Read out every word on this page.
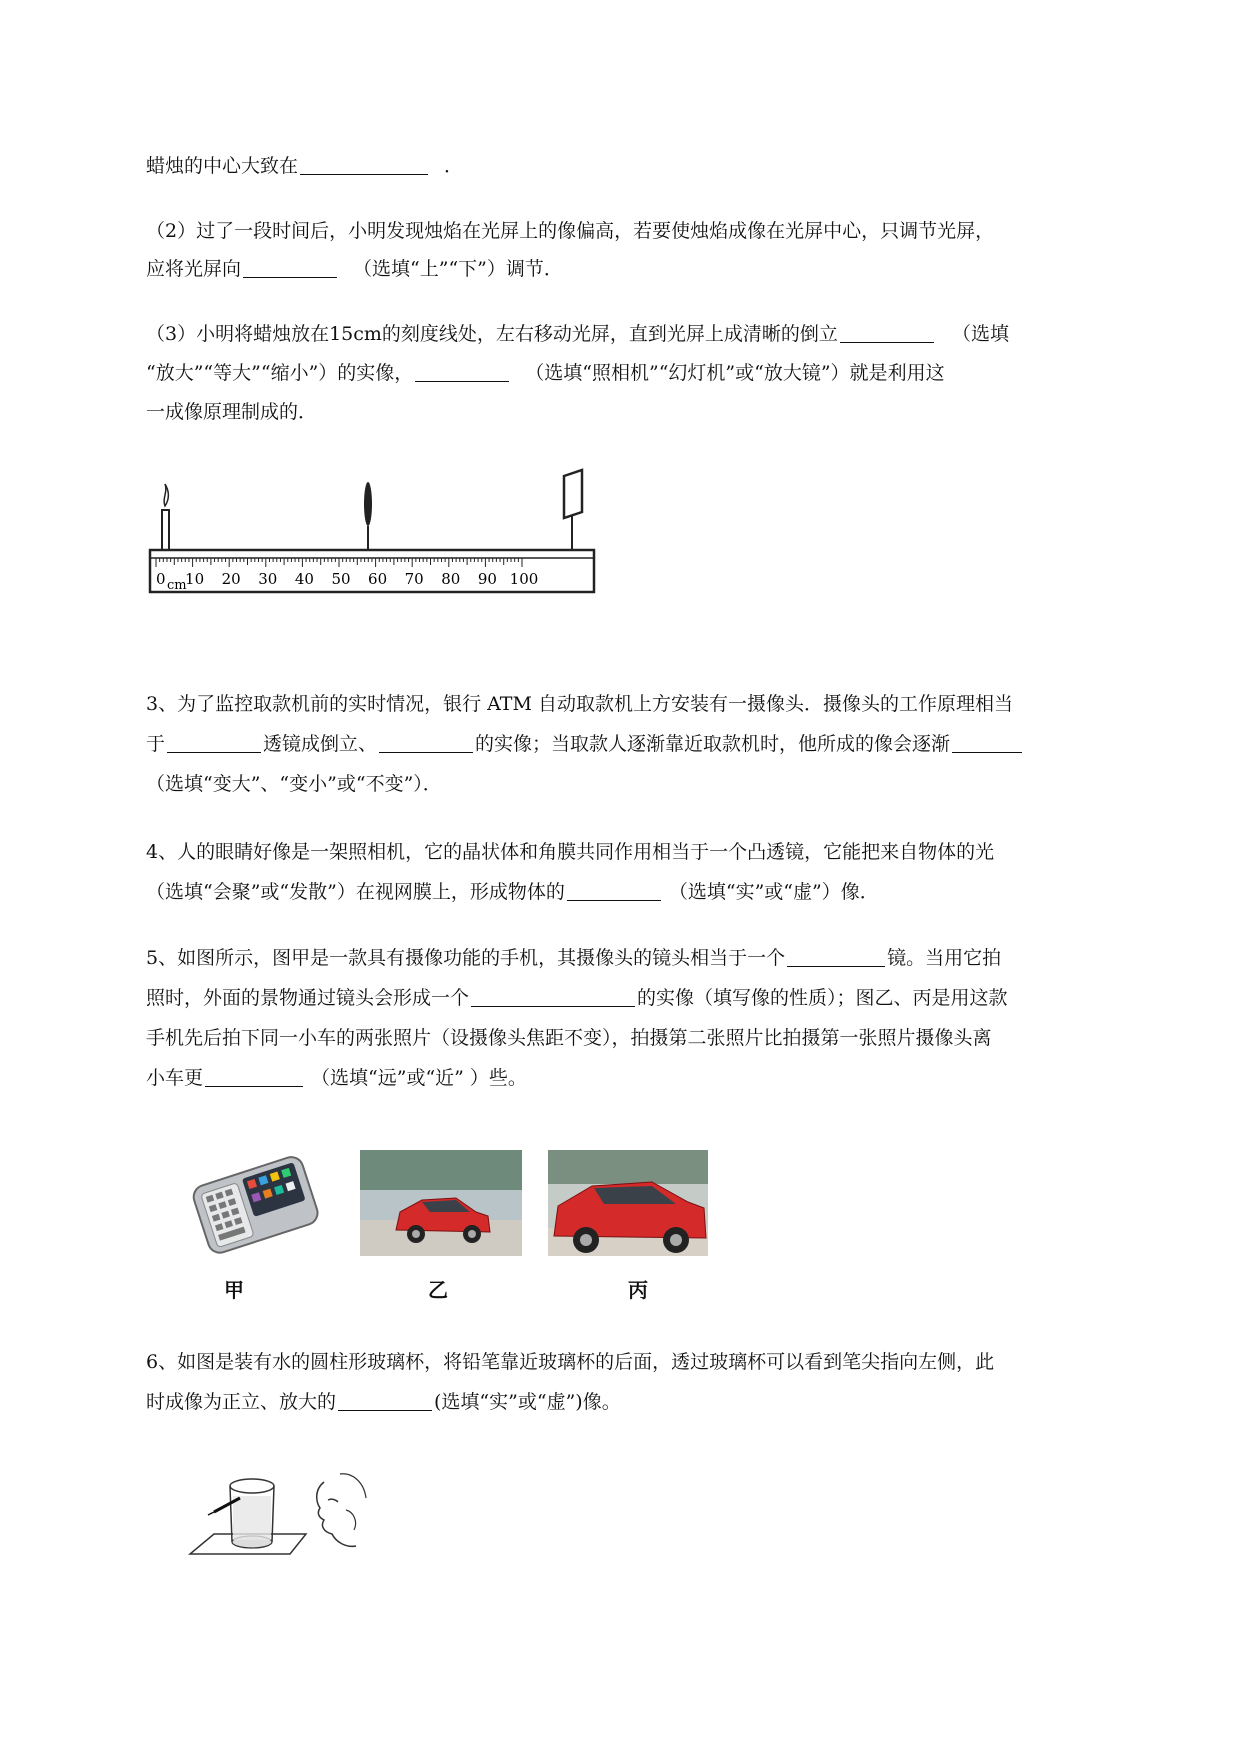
蜡烛的中心大致在	．
（2）过了一段时间后，小明发现烛焰在光屏上的像偏高，若要使烛焰成像在光屏中心，只调节光屏，
应将光屏向	（选填“上”“下”）调节．
（3）小明将蜡烛放在15cm的刻度线处，左右移动光屏，直到光屏上成清晰的倒立	（选填
“放大”“等大”“缩小”）的实像，	（选填“照相机”“幻灯机”或“放大镜”）就是利用这
一成像原理制成的．
0 10 20 30 40 50 60 70 80 90 100
cm
3、为了监控取款机前的实时情况，银行 ATM 自动取款机上方安装有一摄像头．摄像头的工作原理相当
于	透镜成倒立、	的实像；当取款人逐渐靠近取款机时，他所成的像会逐渐
（选填“变大”、“变小”或“不变”）．
4、人的眼睛好像是一架照相机，它的晶状体和角膜共同作用相当于一个凸透镜，它能把来自物体的光
（选填“会聚”或“发散”）在视网膜上，形成物体的	（选填“实”或“虚”）像．
5、如图所示，图甲是一款具有摄像功能的手机，其摄像头的镜头相当于一个	镜。当用它拍
照时，外面的景物通过镜头会形成一个	的实像（填写像的性质）；图乙、丙是用这款
手机先后拍下同一小车的两张照片（设摄像头焦距不变），拍摄第二张照片比拍摄第一张照片摄像头离
小车更	（选填“远”或“近” ）些。
甲	乙	丙
6、如图是装有水的圆柱形玻璃杯，将铅笔靠近玻璃杯的后面，透过玻璃杯可以看到笔尖指向左侧，此
时成像为正立、放大的	(选填“实”或“虚”)像。
